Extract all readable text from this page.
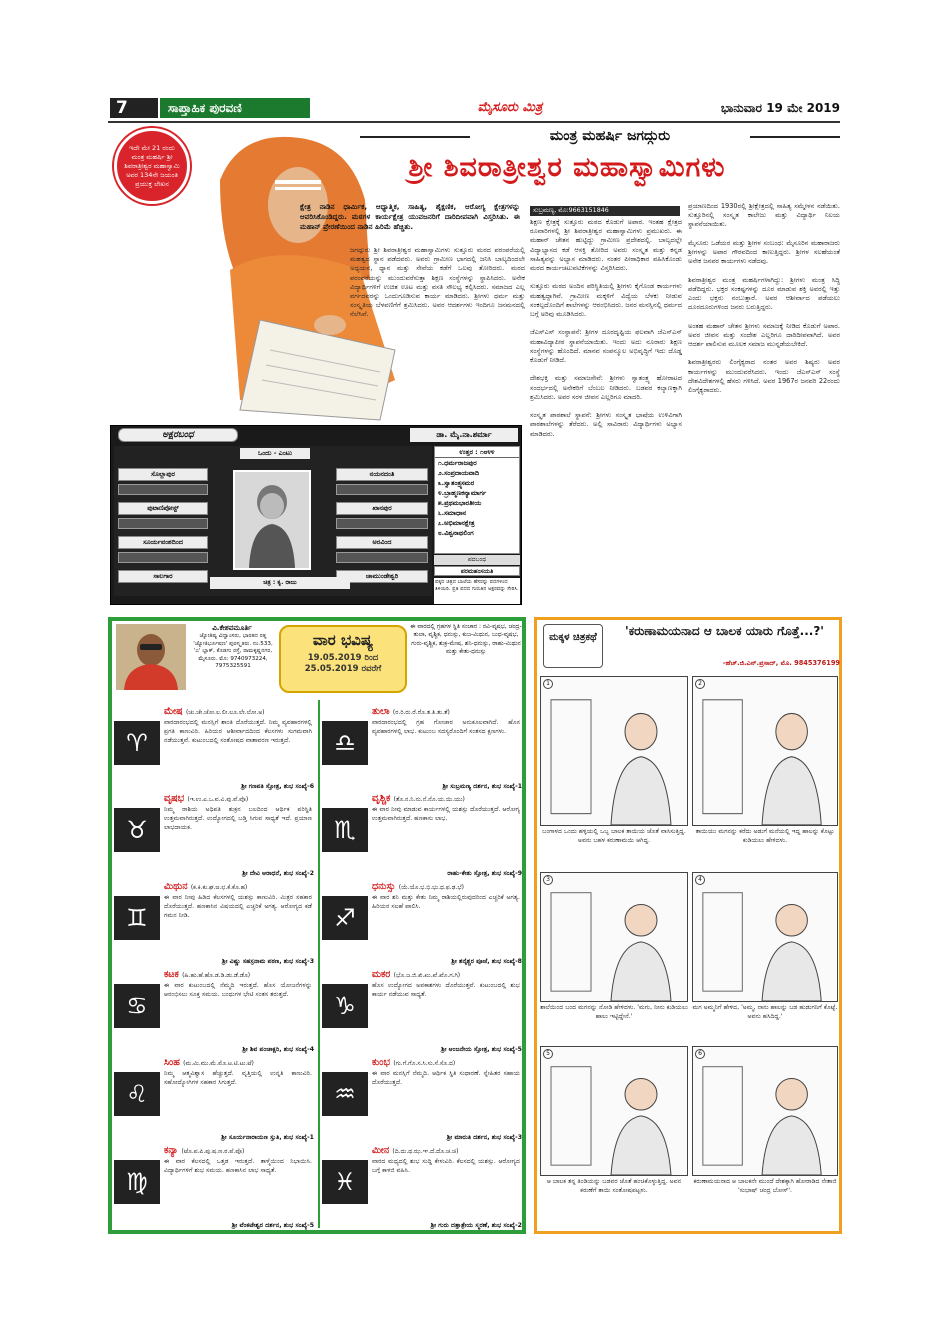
7	ಸಾಪ್ತಾಹಿಕ ಪುರವಣಿ	ಮೈಸೂರು ಮಿತ್ರ	ಭಾನುವಾರ 19 ಮೇ 2019
ಇದೇ ಮೇ 21 ರಂದು ಮಂತ್ರ ಮಹರ್ಷಿ ಶ್ರೀ ಶಿವರಾತ್ರೀಶ್ವರ ಮಹಾಸ್ವಾಮಿ ಅವರ 134ನೇ ಜಯಂತಿ ಪ್ರಯುಕ್ತ ಲೇಖನ
ಮಂತ್ರ ಮಹರ್ಷಿ ಜಗದ್ಗುರು
ಶ್ರೀ ಶಿವರಾತ್ರೀಶ್ವರ ಮಹಾಸ್ವಾಮಿಗಳು
ಕ್ಷೇತ್ರ ನಾಡಿನ ಧಾರ್ಮಿಕ, ಆಧ್ಯಾತ್ಮಿಕ, ಸಾಹಿತ್ಯ, ಶೈಕ್ಷಣಿಕ, ಆರೋಗ್ಯ ಕ್ಷೇತ್ರಗಳನ್ನು ಆವರಿಸಿಕೊಂಡಿದ್ದರು. ಮಠಗಳ ಕಾರ್ಯಕ್ಷೇತ್ರ ಯುವಜನರಿಗೆ ದಾರಿದೀಪವಾಗಿ ವಿಸ್ತರಿಸಿತು. ಈ ಮಹಾನ್ ಪ್ರೇರಣೆಯಿಂದ ನಾಡಿನ ಹಿರಿಮೆ ಹೆಚ್ಚಿತು.
ಜಗದ್ಗುರು ಶ್ರೀ ಶಿವರಾತ್ರೀಶ್ವರ ಮಹಾಸ್ವಾಮಿಗಳು ಸುತ್ತೂರು ಮಠದ ಪರಂಪರೆಯಲ್ಲಿ ಮಹತ್ವದ ಸ್ಥಾನ ಪಡೆದವರು. ಅವರು ಗ್ರಾಮೀಣ ಭಾಗದಲ್ಲಿ ಜನಿಸಿ ಬಾಲ್ಯದಿಂದಲೇ ಅಧ್ಯಯನ, ಧ್ಯಾನ ಮತ್ತು ಸೇವೆಯ ಕಡೆಗೆ ಒಲವು ತೋರಿದರು. ಮಠದ ಪರಂಪರೆಯನ್ನು ಮುಂದುವರೆಸುತ್ತಾ ಶಿಕ್ಷಣ ಸಂಸ್ಥೆಗಳನ್ನು ಸ್ಥಾಪಿಸಿದರು. ಅನೇಕ ವಿದ್ಯಾರ್ಥಿಗಳಿಗೆ ಉಚಿತ ಊಟ ಮತ್ತು ವಸತಿ ಸೌಲಭ್ಯ ಕಲ್ಪಿಸಿದರು. ಸಮಾಜದ ಎಲ್ಲ ವರ್ಗದವರನ್ನು ಒಂದುಗೂಡಿಸುವ ಕಾರ್ಯ ಮಾಡಿದರು. ಶ್ರೀಗಳು ಧರ್ಮ ಮತ್ತು ಸಂಸ್ಕೃತಿಯ ಬೆಳವಣಿಗೆಗೆ ಶ್ರಮಿಸಿದರು. ಅವರ ಆದರ್ಶಗಳು ಇಂದಿಗೂ ಜನಮನದಲ್ಲಿ ನೆಲೆಸಿವೆ.
ಸುಬ್ರಮಣ್ಯ, ಮೊ:9663151846
ಶಿಕ್ಷಣ ಕ್ಷೇತ್ರಕ್ಕೆ ಸುತ್ತೂರು ಮಠದ ಕೊಡುಗೆ ಅಪಾರ. ಇಂತಹ ಕ್ಷೇತ್ರದ ರೂವಾರಿಗಳಲ್ಲಿ ಶ್ರೀ ಶಿವರಾತ್ರೀಶ್ವರ ಮಹಾಸ್ವಾಮಿಗಳು ಪ್ರಮುಖರು. ಈ ಮಹಾನ್ ಚೇತನ ಹುಟ್ಟಿದ್ದು ಗ್ರಾಮೀಣ ಪ್ರದೇಶದಲ್ಲಿ. ಬಾಲ್ಯದಲ್ಲೇ ವಿದ್ಯಾಭ್ಯಾಸದ ಕಡೆ ಆಸಕ್ತಿ ತೋರಿದ ಅವರು ಸಂಸ್ಕೃತ ಮತ್ತು ಕನ್ನಡ ಸಾಹಿತ್ಯವನ್ನು ಅಭ್ಯಾಸ ಮಾಡಿದರು. ನಂತರ ಪೀಠಾಧಿಕಾರ ವಹಿಸಿಕೊಂಡು ಮಠದ ಕಾರ್ಯಚಟುವಟಿಕೆಗಳನ್ನು ವಿಸ್ತರಿಸಿದರು.

ಸುತ್ತೂರು ಮಠದ ಅಂದಿನ ಪರಿಸ್ಥಿತಿಯಲ್ಲಿ ಶ್ರೀಗಳು ಕೈಗೊಂಡ ಕಾರ್ಯಗಳು ಮಹತ್ವದ್ದಾಗಿವೆ. ಗ್ರಾಮೀಣ ಮಕ್ಕಳಿಗೆ ವಿದ್ಯೆಯ ಬೆಳಕು ನೀಡುವ ಸಂಕಲ್ಪದೊಂದಿಗೆ ಶಾಲೆಗಳನ್ನು ಆರಂಭಿಸಿದರು. ಜನರ ಮನಸ್ಸಿನಲ್ಲಿ ಧರ್ಮದ ಬಗ್ಗೆ ಅರಿವು ಮೂಡಿಸಿದರು.

ಜೆಎಸ್‌ಎಸ್ ಸಂಸ್ಥಾಪನೆ: ಶ್ರೀಗಳ ದೂರದೃಷ್ಟಿಯ ಫಲವಾಗಿ ಜೆಎಸ್‌ಎಸ್ ಮಹಾವಿದ್ಯಾಪೀಠ ಸ್ಥಾಪನೆಯಾಯಿತು. ಇಂದು ಅದು ನೂರಾರು ಶಿಕ್ಷಣ ಸಂಸ್ಥೆಗಳನ್ನು ಹೊಂದಿದೆ. ಮಾನವ ಸಂಪನ್ಮೂಲ ಅಭಿವೃದ್ಧಿಗೆ ಇದು ದೊಡ್ಡ ಕೊಡುಗೆ ನೀಡಿದೆ.

ದೇಶಭಕ್ತಿ ಮತ್ತು ಸಮಾಜಸೇವೆ: ಶ್ರೀಗಳು ಸ್ವಾತಂತ್ರ್ಯ ಹೋರಾಟದ ಸಂದರ್ಭದಲ್ಲಿ ಅನೇಕರಿಗೆ ಬೆಂಬಲ ನೀಡಿದರು. ಬಡವರ ಕಲ್ಯಾಣಕ್ಕಾಗಿ ಶ್ರಮಿಸಿದರು. ಅವರ ಸರಳ ಜೀವನ ಎಲ್ಲರಿಗೂ ಮಾದರಿ.

ಸಂಸ್ಕೃತ ಪಾಠಶಾಲೆ ಸ್ಥಾಪನೆ: ಶ್ರೀಗಳು ಸಂಸ್ಕೃತ ಭಾಷೆಯ ಉಳಿವಿಗಾಗಿ ಪಾಠಶಾಲೆಗಳನ್ನು ತೆರೆದರು. ಅಲ್ಲಿ ಸಾವಿರಾರು ವಿದ್ಯಾರ್ಥಿಗಳು ಅಭ್ಯಾಸ ಮಾಡಿದರು.
ಪ್ರಯಾಣದಿಂದ 1930ರಲ್ಲಿ ಶ್ರೀಕ್ಷೇತ್ರದಲ್ಲಿ ಸಾಹಿತ್ಯ ಸಮ್ಮೇಳನ ನಡೆಯಿತು. ಸುತ್ತೂರಿನಲ್ಲಿ ಸಂಸ್ಕೃತ ಕಾಲೇಜು ಮತ್ತು ವಿದ್ಯಾರ್ಥಿ ನಿಲಯ ಸ್ಥಾಪನೆಯಾಯಿತು.

ಮೈಸೂರು ಒಡೆಯರ ಮತ್ತು ಶ್ರೀಗಳ ಸಂಬಂಧ: ಮೈಸೂರಿನ ಮಹಾರಾಜರು ಶ್ರೀಗಳನ್ನು ಅಪಾರ ಗೌರವದಿಂದ ಕಾಣುತ್ತಿದ್ದರು. ಶ್ರೀಗಳ ಸಲಹೆಯಂತೆ ಅನೇಕ ಜನಪರ ಕಾರ್ಯಗಳು ನಡೆದವು.

ಶಿವರಾತ್ರೀಶ್ವರ ಮಂತ್ರ ಮಹರ್ಷಿಗಳಾಗಿದ್ದು: ಶ್ರೀಗಳು ಮಂತ್ರ ಸಿದ್ಧಿ ಪಡೆದಿದ್ದರು. ಭಕ್ತರ ಸಂಕಷ್ಟಗಳನ್ನು ದೂರ ಮಾಡುವ ಶಕ್ತಿ ಅವರಲ್ಲಿ ಇತ್ತು ಎಂದು ಭಕ್ತರು ನಂಬುತ್ತಾರೆ. ಅವರ ಆಶೀರ್ವಾದ ಪಡೆಯಲು ದೂರದೂರುಗಳಿಂದ ಜನರು ಬರುತ್ತಿದ್ದರು.

ಅಂತಹ ಮಹಾನ್ ಚೇತನ ಶ್ರೀಗಳು ಸಮಾಜಕ್ಕೆ ನೀಡಿದ ಕೊಡುಗೆ ಅಪಾರ. ಅವರ ಜೀವನ ಮತ್ತು ಸಂದೇಶ ಎಲ್ಲರಿಗೂ ದಾರಿದೀಪವಾಗಿದೆ. ಅವರ ಆದರ್ಶ ಪಾಲಿಸುವ ಮೂಲಕ ಸಮಾಜ ಮುನ್ನಡೆಯಬೇಕಿದೆ.

ಶಿವರಾತ್ರೀಶ್ವರರು ಲಿಂಗೈಕ್ಯರಾದ ನಂತರ ಅವರ ಶಿಷ್ಯರು ಅವರ ಕಾರ್ಯಗಳನ್ನು ಮುಂದುವರೆಸಿದರು. ಇಂದು ಜೆಎಸ್‌ಎಸ್ ಸಂಸ್ಥೆ ದೇಶವಿದೇಶಗಳಲ್ಲಿ ಹೆಸರು ಗಳಿಸಿದೆ. ಅವರ 1967ರ ಜನವರಿ 22ರಂದು ಲಿಂಗೈಕ್ಯರಾದರು.
ಅಕ್ಷರಬಂಧ	ಡಾ. ಮೈ.ನಾ.ಶರ್ಮಾ
ಸೊಲ್ಲಾಪುರ
ಪುಟಾಣಿಪೋಸ್ಟ್
ಸೂರ್ಯವಂಶದಿಂದ
ಸಾಲಗಾರ
ನಯನದಂತಿ
ಖಾನಪುರ
ಅರವಿಂದ
ಚಾಮುಂಡೇಶ್ವರಿ
ಒಂದು - ಎಂಟು
ಚಿತ್ರ : ಕೃ. ರಾಜು
ಉತ್ತರ : ೧೮೪೪
೧.ಧರ್ಮರಾಜಪುರ
೨.ಸಂಪ್ರದಾಯವಾದಿ
೩.ಸ್ವಾತಂತ್ರ್ಯಸಮರ
೪.ಬ್ರಾಹ್ಮಣಕನ್ಯಾಮಾರ್ಗ
೫.ಪ್ರಥಮಭಾರತೀಯ
೬.ಸಮಾಧಾನ
೭.ಅಭಿಮಾನಕ್ಷೇತ್ರ
೮.ವಿಶ್ವನಾಥಲಿಂಗ
ಪದಬಂಧ
ಪರಮಹಂಸಯತಿ
ಪಕ್ಕದ ಚಿತ್ರದ ಬಾಲೆಯ ಹೆಸರನ್ನು ಪದಗಳಿಂದ ತಿಳಿಯಿರಿ. ಪ್ರತಿ ಪದದ ಗುರುತಿನ ಅಕ್ಷರವನ್ನು ಸೇರಿಸಿ.
ವಿ.ಕೇಶವಮೂರ್ತಿ
ಜ್ಯೋತಿಷ್ಯ ವಿದ್ವಾಂಸರು, ಭಾರತದ ರತ್ನ 'ಜ್ಯೋತಿರ್ಭೂಷಣ' ಪುರಸ್ಕೃತರು. ನಂ.533, 'ಎ' ಬ್ಲಾಕ್, ಕೊಡಗು ರಸ್ತೆ, ರಾಮಕೃಷ್ಣನಗರ, ಮೈಸೂರು. ಮೊ: 9740973224, 7975325591
ವಾರ ಭವಿಷ್ಯ
19.05.2019 ರಿಂದ 25.05.2019 ರವರೆಗೆ
ಈ ವಾರದಲ್ಲಿ ಗ್ರಹಗಳ ಸ್ಥಿತಿ ಸಂಚಾರ : ರವಿ-ವೃಷಭ, ಚಂದ್ರ-ತುಲಾ, ವೃಶ್ಚಿಕ, ಧನುಸ್ಸು, ಕುಜ-ಮಿಥುನ, ಬುಧ-ವೃಷಭ, ಗುರು-ವೃಶ್ಚಿಕ, ಶುಕ್ರ-ಮೇಷ, ಶನಿ-ಧನುಸ್ಸು, ರಾಹು-ಮಿಥುನ ಮತ್ತು ಕೇತು-ಧನುಸ್ಸು
♈
ಮೇಷ (ಚು.ಚೇ.ಚೋ.ಲ.ಲೀ.ಲೂ.ಲೇ.ಲೋ.ಅ)
ವಾರದಾರಂಭದಲ್ಲಿ ಮನಸ್ಸಿಗೆ ಶಾಂತಿ ದೊರೆಯುತ್ತದೆ. ನಿಮ್ಮ ವ್ಯವಹಾರಗಳಲ್ಲಿ ಪ್ರಗತಿ ಕಾಣುವಿರಿ. ಹಿರಿಯರ ಆಶೀರ್ವಾದದಿಂದ ಕೆಲಸಗಳು ಸುಗಮವಾಗಿ ನಡೆಯುತ್ತವೆ. ಕುಟುಂಬದಲ್ಲಿ ಸಂತೋಷದ ವಾತಾವರಣ ಇರುತ್ತದೆ.
ಶ್ರೀ ಗಣಪತಿ ಸ್ತೋತ್ರ, ಶುಭ ಸಂಖ್ಯೆ-6
♉
ವೃಷಭ (ಇ.ಉ.ಎ.ಒ.ವ.ವಿ.ವು.ವೆ.ವೊ)
ನಿಮ್ಮ ರಾಶಿಯ ಅಧಿಪತಿ ಶುಕ್ರನ ಬಲದಿಂದ ಆರ್ಥಿಕ ಪರಿಸ್ಥಿತಿ ಉತ್ತಮವಾಗಿರುತ್ತದೆ. ಉದ್ಯೋಗದಲ್ಲಿ ಬಡ್ತಿ ಸಿಗುವ ಸಾಧ್ಯತೆ ಇದೆ. ಪ್ರಯಾಣ ಲಾಭದಾಯಕ.
ಶ್ರೀ ದೇವಿ ಆರಾಧನೆ, ಶುಭ ಸಂಖ್ಯೆ-2
♊
ಮಿಥುನ (ಕ.ಕಿ.ಕು.ಘ.ಙ.ಛ.ಕೆ.ಕೊ.ಹ)
ಈ ವಾರ ನೀವು ಹಿಡಿದ ಕೆಲಸಗಳಲ್ಲಿ ಯಶಸ್ಸು ಕಾಣುವಿರಿ. ಮಿತ್ರರ ಸಹಕಾರ ದೊರೆಯುತ್ತದೆ. ಹಣಕಾಸಿನ ವಿಷಯದಲ್ಲಿ ಎಚ್ಚರಿಕೆ ಅಗತ್ಯ. ಆರೋಗ್ಯದ ಕಡೆ ಗಮನ ನೀಡಿ.
ಶ್ರೀ ವಿಷ್ಣು ಸಹಸ್ರನಾಮ ಪಠಣ, ಶುಭ ಸಂಖ್ಯೆ-3
♋
ಕಟಕ (ಹಿ.ಹು.ಹೆ.ಹೊ.ಡ.ಡಿ.ಡು.ಡೆ.ಡೊ)
ಈ ವಾರ ಕುಟುಂಬದಲ್ಲಿ ನೆಮ್ಮದಿ ಇರುತ್ತದೆ. ಹೊಸ ಯೋಜನೆಗಳನ್ನು ಆರಂಭಿಸಲು ಸೂಕ್ತ ಸಮಯ. ಬಂಧುಗಳ ಭೇಟಿ ಸಂತಸ ತರುತ್ತದೆ.
ಶ್ರೀ ಶಿವ ಪಂಚಾಕ್ಷರಿ, ಶುಭ ಸಂಖ್ಯೆ-4
♌
ಸಿಂಹ (ಮ.ಮಿ.ಮು.ಮೆ.ಮೊ.ಟ.ಟಿ.ಟು.ಟೆ)
ನಿಮ್ಮ ಆತ್ಮವಿಶ್ವಾಸ ಹೆಚ್ಚುತ್ತದೆ. ವೃತ್ತಿಯಲ್ಲಿ ಉನ್ನತಿ ಕಾಣುವಿರಿ. ಸಹೋದ್ಯೋಗಿಗಳ ಸಹಕಾರ ಸಿಗುತ್ತದೆ.
ಶ್ರೀ ಸೂರ್ಯನಾರಾಯಣ ಸ್ತುತಿ, ಶುಭ ಸಂಖ್ಯೆ-1
♍
ಕನ್ಯಾ (ಟೊ.ಪ.ಪಿ.ಪು.ಷ.ಣ.ಠ.ಪೆ.ಪೊ)
ಈ ವಾರ ಕೆಲಸದಲ್ಲಿ ಒತ್ತಡ ಇರುತ್ತದೆ. ತಾಳ್ಮೆಯಿಂದ ನಿಭಾಯಿಸಿ. ವಿದ್ಯಾರ್ಥಿಗಳಿಗೆ ಶುಭ ಸಮಯ. ಹಣಕಾಸಿನ ಲಾಭ ಸಾಧ್ಯತೆ.
ಶ್ರೀ ವೆಂಕಟೇಶ್ವರ ದರ್ಶನ, ಶುಭ ಸಂಖ್ಯೆ-5
♎
ತುಲಾ (ರ.ರಿ.ರು.ರೆ.ರೊ.ತ.ತಿ.ತು.ತೆ)
ವಾರದಾರಂಭದಲ್ಲಿ ಗ್ರಹ ಗೋಚಾರ ಅನುಕೂಲವಾಗಿದೆ. ಹೊಸ ವ್ಯವಹಾರಗಳಲ್ಲಿ ಲಾಭ. ಕುಟುಂಬ ಸದಸ್ಯರೊಂದಿಗೆ ಸಂತಸದ ಕ್ಷಣಗಳು.
ಶ್ರೀ ಸುಬ್ರಮಣ್ಯ ದರ್ಶನ, ಶುಭ ಸಂಖ್ಯೆ-1
♏
ವೃಶ್ಚಿಕ (ತೊ.ನ.ನಿ.ನು.ನೆ.ನೊ.ಯ.ಯಿ.ಯು)
ಈ ವಾರ ನೀವು ಮಾಡುವ ಕಾರ್ಯಗಳಲ್ಲಿ ಯಶಸ್ಸು ದೊರೆಯುತ್ತದೆ. ಆರೋಗ್ಯ ಉತ್ತಮವಾಗಿರುತ್ತದೆ. ಹಣಕಾಸು ಲಾಭ.
ರಾಹು-ಕೇತು ಸ್ತೋತ್ರ, ಶುಭ ಸಂಖ್ಯೆ-9
♐
ಧನುಸ್ಸು (ಯೆ.ಯೊ.ಭ.ಭಿ.ಭು.ಧ.ಫ.ಢ.ಭೆ)
ಈ ವಾರ ಶನಿ ಮತ್ತು ಕೇತು ನಿಮ್ಮ ರಾಶಿಯಲ್ಲಿರುವುದರಿಂದ ಎಚ್ಚರಿಕೆ ಅಗತ್ಯ. ಹಿರಿಯರ ಸಲಹೆ ಪಾಲಿಸಿ.
ಶ್ರೀ ಶನೈಶ್ಚರ ಪೂಜೆ, ಶುಭ ಸಂಖ್ಯೆ-8
♑
ಮಕರ (ಭೊ.ಜ.ಜಿ.ಖಿ.ಖು.ಖೆ.ಖೊ.ಗ.ಗಿ)
ಹೊಸ ಉದ್ಯೋಗದ ಅವಕಾಶಗಳು ದೊರೆಯುತ್ತವೆ. ಕುಟುಂಬದಲ್ಲಿ ಶುಭ ಕಾರ್ಯ ನಡೆಯುವ ಸಾಧ್ಯತೆ.
ಶ್ರೀ ಆಂಜನೇಯ ಸ್ತೋತ್ರ, ಶುಭ ಸಂಖ್ಯೆ-5
♒
ಕುಂಭ (ಗು.ಗೆ.ಗೊ.ಸ.ಸಿ.ಸು.ಸೆ.ಸೊ.ದ)
ಈ ವಾರ ಮನಸ್ಸಿಗೆ ನೆಮ್ಮದಿ. ಆರ್ಥಿಕ ಸ್ಥಿತಿ ಸುಧಾರಣೆ. ಸ್ನೇಹಿತರ ಸಹಾಯ ದೊರೆಯುತ್ತದೆ.
ಶ್ರೀ ಮಾರುತಿ ದರ್ಶನ, ಶುಭ ಸಂಖ್ಯೆ-3
♓
ಮೀನ (ದಿ.ದು.ಥ.ಝ.ಞ.ದೆ.ದೊ.ಚ.ಚಿ)
ವಾರದ ಮಧ್ಯದಲ್ಲಿ ಶುಭ ಸುದ್ದಿ ಕೇಳುವಿರಿ. ಕೆಲಸದಲ್ಲಿ ಯಶಸ್ಸು. ಆರೋಗ್ಯದ ಬಗ್ಗೆ ಕಾಳಜಿ ವಹಿಸಿ.
ಶ್ರೀ ಗುರು ದತ್ತಾತ್ರೇಯ ಸ್ಮರಣೆ, ಶುಭ ಸಂಖ್ಯೆ-2
ಮಕ್ಕಳ ಚಿತ್ರಕಥೆ	'ಕರುಣಾಮಯನಾದ ಆ ಬಾಲಕ ಯಾರು ಗೊತ್ತೆ...?'
-ಹೆಚ್.ಜಿ.ಎನ್.ಪ್ರಸಾದ್, ಮೊ. 9845376199
1
ಬಂಗಾಳದ ಒಂದು ಹಳ್ಳಿಯಲ್ಲಿ ಒಬ್ಬ ಬಾಲಕ ತಾಯಿಯ ಜೊತೆ ವಾಸಿಸುತ್ತಿದ್ದ. ಅವನು ಬಹಳ ಕರುಣಾಮಯಿ ಆಗಿದ್ದ.
2
ತಾಯಿಯು ಮಗನನ್ನು ಕರೆದು ಅಡುಗೆ ಮನೆಯಲ್ಲಿ ಇದ್ದ ಹಾಲನ್ನು ಕೊಟ್ಟು ಕುಡಿಯಲು ಹೇಳಿದಳು.
3
ಶಾಲೆಯಿಂದ ಬಂದ ಮಗನನ್ನು ನೋಡಿ ಹೇಳಿದಳು. 'ಮಗು, ನೀನು ಕುಡಿಯಲು ಹಾಲು ಇಟ್ಟಿದ್ದೇನೆ.'
4
ಮಗ ಅಮ್ಮನಿಗೆ ಹೇಳಿದ, 'ಅಮ್ಮ, ನಾನು ಹಾಲನ್ನು ಬಡ ಹುಡುಗನಿಗೆ ಕೊಟ್ಟೆ. ಅವನು ಹಸಿದಿದ್ದ.'
5
ಆ ಬಾಲಕ ತನ್ನ ತಿಂಡಿಯನ್ನು ಬಡವರ ಜೊತೆ ಹಂಚಿಕೊಳ್ಳುತ್ತಿದ್ದ. ಅವನ ಕರುಣೆಗೆ ತಾಯಿ ಸಂತೋಷಪಟ್ಟಳು.
6
ಕರುಣಾಮಯನಾದ ಆ ಬಾಲಕನೇ ಮುಂದೆ ದೇಶಕ್ಕಾಗಿ ಹೋರಾಡಿದ ನೇತಾಜಿ 'ಸುಭಾಷ್ ಚಂದ್ರ ಬೋಸ್'.
